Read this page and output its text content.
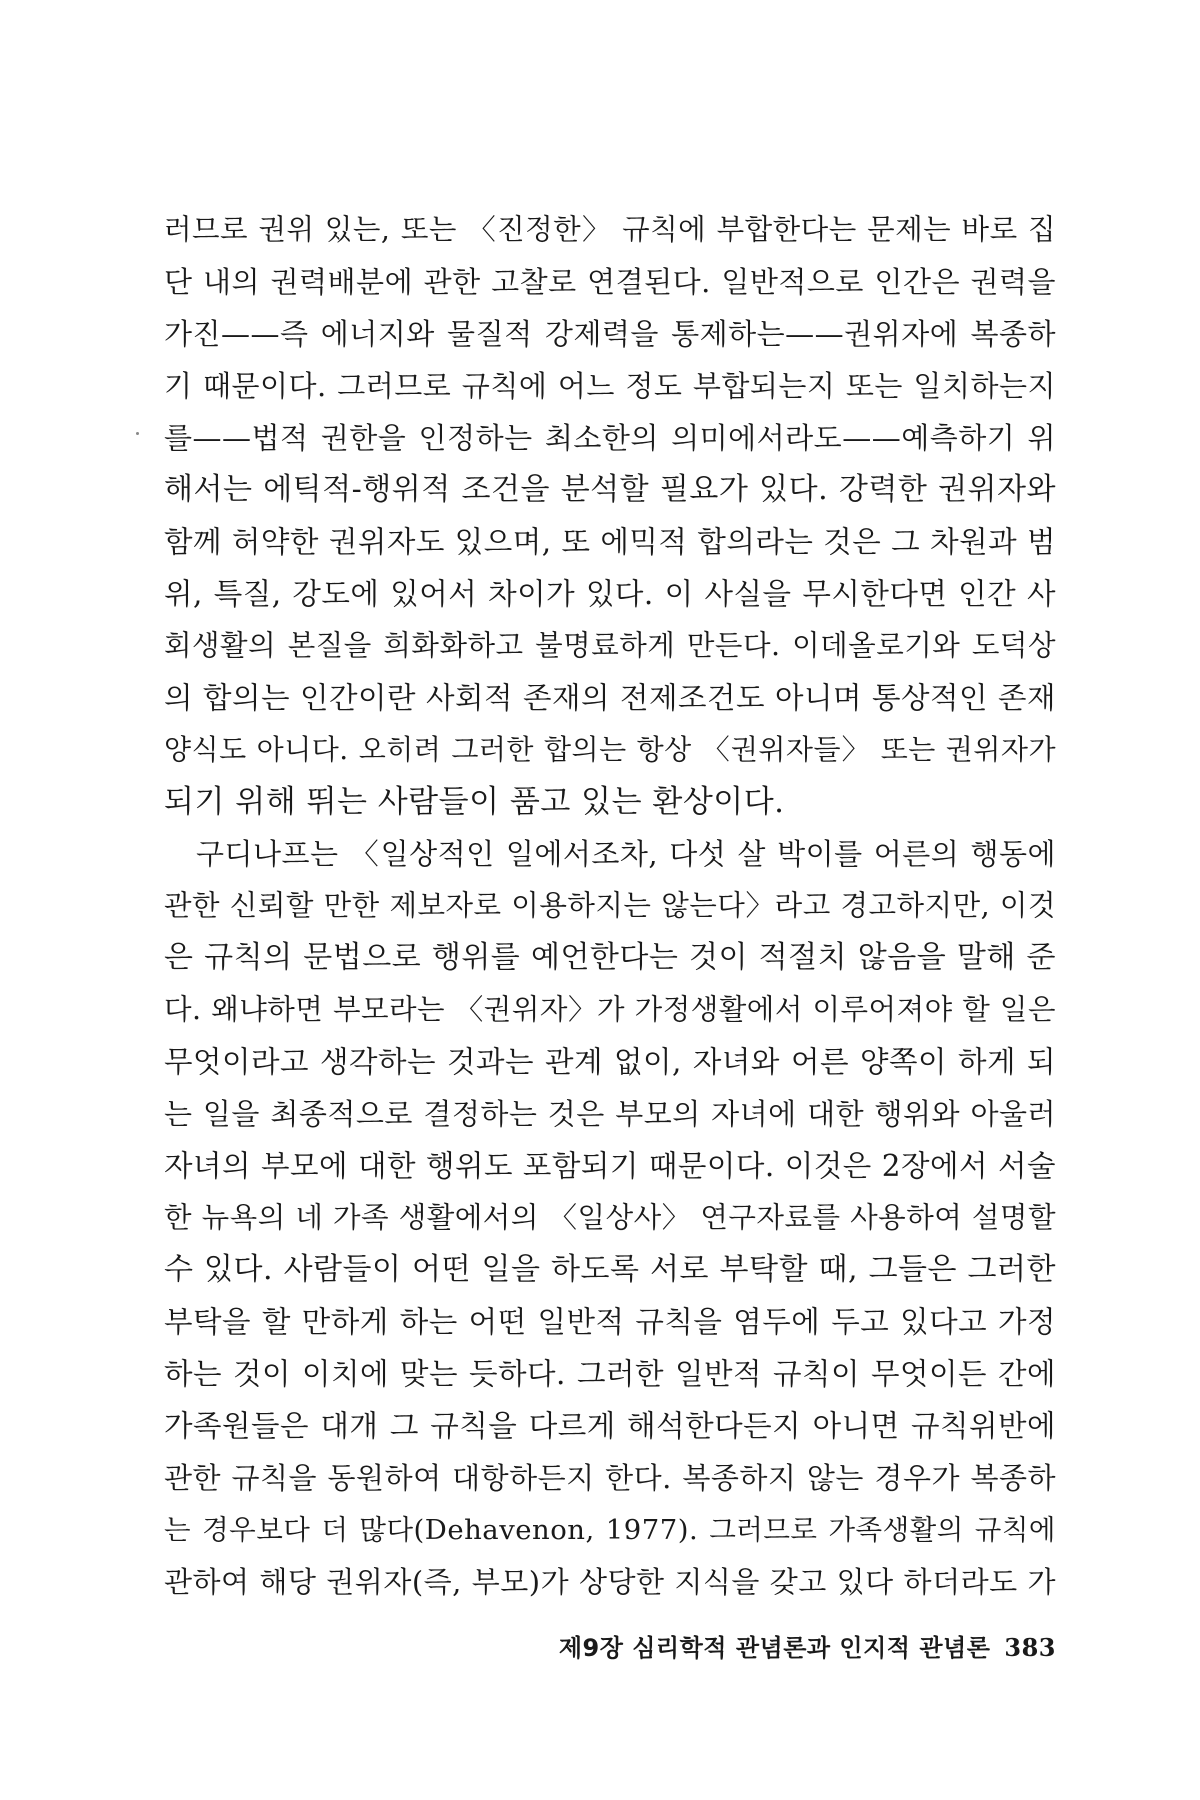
러므로 권위 있는, 또는 〈진정한〉 규칙에 부합한다는 문제는 바로 집
단 내의 권력배분에 관한 고찰로 연결된다. 일반적으로 인간은 권력을
가진——즉 에너지와 물질적 강제력을 통제하는——권위자에 복종하
기 때문이다. 그러므로 규칙에 어느 정도 부합되는지 또는 일치하는지
를——법적 권한을 인정하는 최소한의 의미에서라도——예측하기 위
해서는 에틱적-행위적 조건을 분석할 필요가 있다. 강력한 권위자와
함께 허약한 권위자도 있으며, 또 에믹적 합의라는 것은 그 차원과 범
위, 특질, 강도에 있어서 차이가 있다. 이 사실을 무시한다면 인간 사
회생활의 본질을 희화화하고 불명료하게 만든다. 이데올로기와 도덕상
의 합의는 인간이란 사회적 존재의 전제조건도 아니며 통상적인 존재
양식도 아니다. 오히려 그러한 합의는 항상 〈권위자들〉 또는 권위자가
되기 위해 뛰는 사람들이 품고 있는 환상이다.
구디나프는 〈일상적인 일에서조차, 다섯 살 박이를 어른의 행동에
관한 신뢰할 만한 제보자로 이용하지는 않는다〉라고 경고하지만, 이것
은 규칙의 문법으로 행위를 예언한다는 것이 적절치 않음을 말해 준
다. 왜냐하면 부모라는 〈권위자〉가 가정생활에서 이루어져야 할 일은
무엇이라고 생각하는 것과는 관계 없이, 자녀와 어른 양쪽이 하게 되
는 일을 최종적으로 결정하는 것은 부모의 자녀에 대한 행위와 아울러
자녀의 부모에 대한 행위도 포함되기 때문이다. 이것은 2장에서 서술
한 뉴욕의 네 가족 생활에서의 〈일상사〉 연구자료를 사용하여 설명할
수 있다. 사람들이 어떤 일을 하도록 서로 부탁할 때, 그들은 그러한
부탁을 할 만하게 하는 어떤 일반적 규칙을 염두에 두고 있다고 가정
하는 것이 이치에 맞는 듯하다. 그러한 일반적 규칙이 무엇이든 간에
가족원들은 대개 그 규칙을 다르게 해석한다든지 아니면 규칙위반에
관한 규칙을 동원하여 대항하든지 한다. 복종하지 않는 경우가 복종하
는 경우보다 더 많다(Dehavenon, 1977). 그러므로 가족생활의 규칙에
관하여 해당 권위자(즉, 부모)가 상당한 지식을 갖고 있다 하더라도 가
제9장 심리학적 관념론과 인지적 관념론 383
